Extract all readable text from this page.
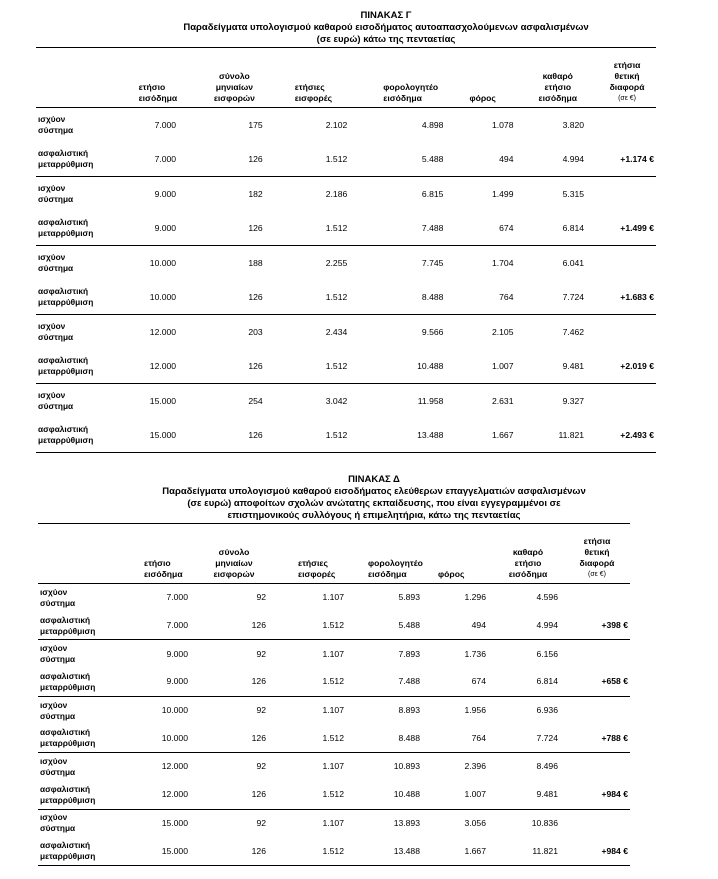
ΠΙΝΑΚΑΣ Γ
Παραδείγματα υπολογισμού καθαρού εισοδήματος αυτοαπασχολούμενων ασφαλισμένων
(σε ευρώ) κάτω της πενταετίας
	ετήσιο
εισόδημα	σύνολο
μηνιαίων
εισφορών	ετήσιες
εισφορές	φορολογητέο
εισόδημα	φόρος	καθαρό
ετήσιο
εισόδημα	ετήσια
θετική
διαφορά
(σε €)

ισχύον
σύστημα	7.000	175	2.102	4.898	1.078	3.820	
ασφαλιστική
μεταρρύθμιση	7.000	126	1.512	5.488	494	4.994	+1.174 €
ισχύον
σύστημα	9.000	182	2.186	6.815	1.499	5.315	
ασφαλιστική
μεταρρύθμιση	9.000	126	1.512	7.488	674	6.814	+1.499 €
ισχύον
σύστημα	10.000	188	2.255	7.745	1.704	6.041	
ασφαλιστική
μεταρρύθμιση	10.000	126	1.512	8.488	764	7.724	+1.683 €
ισχύον
σύστημα	12.000	203	2.434	9.566	2.105	7.462	
ασφαλιστική
μεταρρύθμιση	12.000	126	1.512	10.488	1.007	9.481	+2.019 €
ισχύον
σύστημα	15.000	254	3.042	11.958	2.631	9.327	
ασφαλιστική
μεταρρύθμιση	15.000	126	1.512	13.488	1.667	11.821	+2.493 €
ΠΙΝΑΚΑΣ Δ
Παραδείγματα υπολογισμού καθαρού εισοδήματος ελεύθερων επαγγελματιών ασφαλισμένων
(σε ευρώ) αποφοίτων σχολών ανώτατης εκπαίδευσης, που είναι εγγεγραμμένοι σε
επιστημονικούς συλλόγους ή επιμελητήρια, κάτω της πενταετίας
	ετήσιο
εισόδημα	σύνολο
μηνιαίων
εισφορών	ετήσιες
εισφορές	φορολογητέο
εισόδημα	φόρος	καθαρό
ετήσιο
εισόδημα	ετήσια
θετική
διαφορά
(σε €)

ισχύον
σύστημα	7.000	92	1.107	5.893	1.296	4.596	
ασφαλιστική
μεταρρύθμιση	7.000	126	1.512	5.488	494	4.994	+398 €
ισχύον
σύστημα	9.000	92	1.107	7.893	1.736	6.156	
ασφαλιστική
μεταρρύθμιση	9.000	126	1.512	7.488	674	6.814	+658 €
ισχύον
σύστημα	10.000	92	1.107	8.893	1.956	6.936	
ασφαλιστική
μεταρρύθμιση	10.000	126	1.512	8.488	764	7.724	+788 €
ισχύον
σύστημα	12.000	92	1.107	10.893	2.396	8.496	
ασφαλιστική
μεταρρύθμιση	12.000	126	1.512	10.488	1.007	9.481	+984 €
ισχύον
σύστημα	15.000	92	1.107	13.893	3.056	10.836	
ασφαλιστική
μεταρρύθμιση	15.000	126	1.512	13.488	1.667	11.821	+984 €
